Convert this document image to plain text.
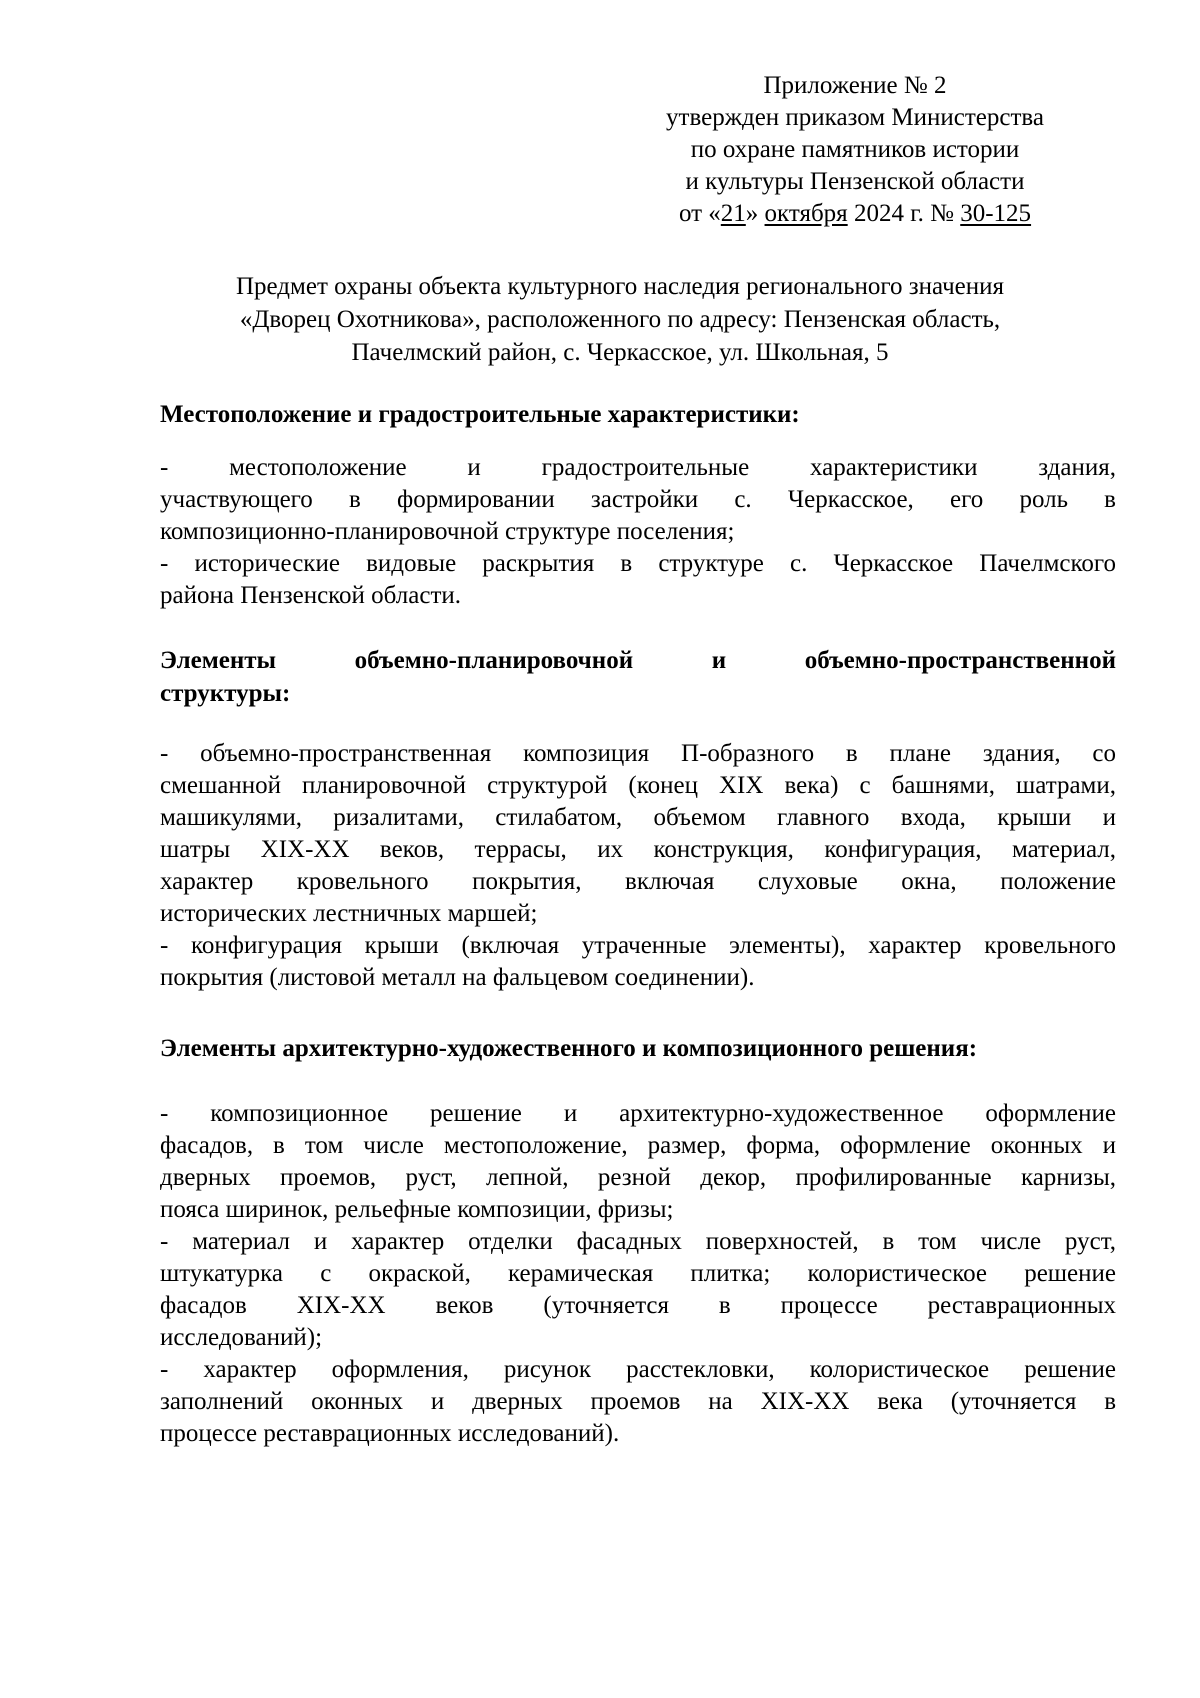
Приложение № 2
утвержден приказом Министерства
по охране памятников истории
и культуры Пензенской области
от «21» октября 2024 г. № 30-125
Предмет охраны объекта культурного наследия регионального значения
«Дворец Охотникова», расположенного по адресу: Пензенская область,
Пачелмский район, с. Черкасское, ул. Школьная, 5
Местоположение и градостроительные характеристики:
- местоположение и градостроительные характеристики здания,
участвующего в формировании застройки с. Черкасское, его роль в
композиционно-планировочной структуре поселения;
- исторические видовые раскрытия в структуре с. Черкасское Пачелмского
района Пензенской области.
Элементы объемно-планировочной и объемно-пространственной
структуры:
- объемно-пространственная композиция П-образного в плане здания, со
смешанной планировочной структурой (конец XIX века) с башнями, шатрами,
машикулями, ризалитами, стилабатом, объемом главного входа, крыши и
шатры XIX-XX веков, террасы, их конструкция, конфигурация, материал,
характер кровельного покрытия, включая слуховые окна, положение
исторических лестничных маршей;
- конфигурация крыши (включая утраченные элементы), характер кровельного
покрытия (листовой металл на фальцевом соединении).
Элементы архитектурно-художественного и композиционного решения:
- композиционное решение и архитектурно-художественное оформление
фасадов, в том числе местоположение, размер, форма, оформление оконных и
дверных проемов, руст, лепной, резной декор, профилированные карнизы,
пояса ширинок, рельефные композиции, фризы;
- материал и характер отделки фасадных поверхностей, в том числе руст,
штукатурка с окраской, керамическая плитка; колористическое решение
фасадов XIX-XX веков (уточняется в процессе реставрационных
исследований);
- характер оформления, рисунок расстекловки, колористическое решение
заполнений оконных и дверных проемов на XIX-XX века (уточняется в
процессе реставрационных исследований).
